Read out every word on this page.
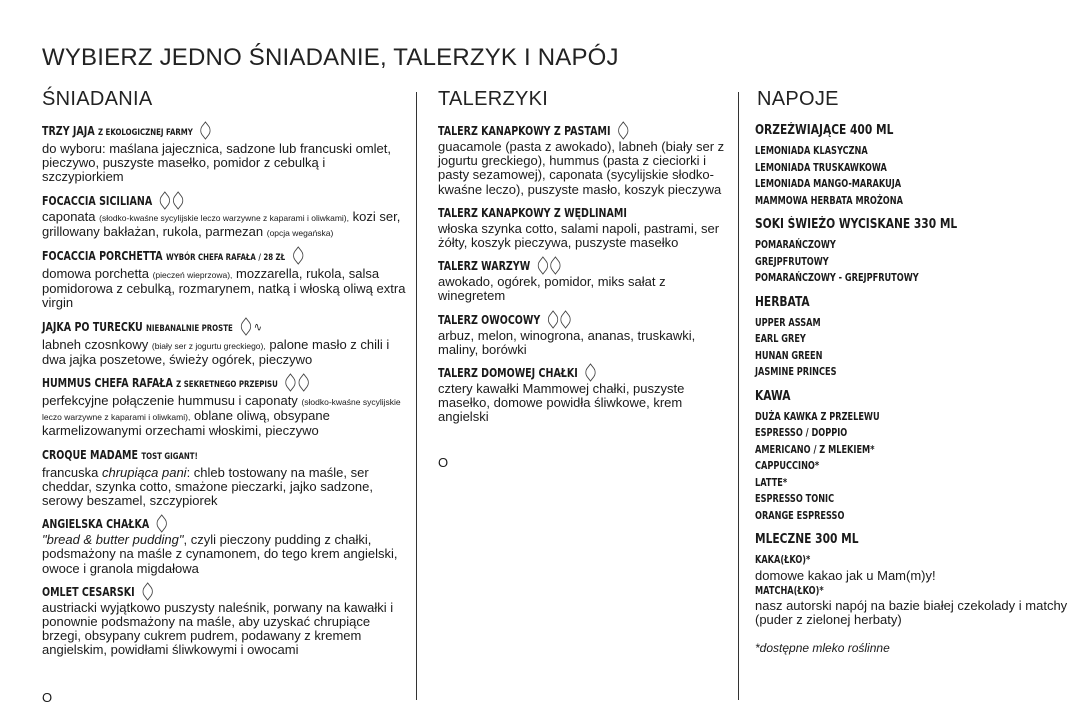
WYBIERZ JEDNO ŚNIADANIE, TALERZYK I NAPÓJ
ŚNIADANIA
TRZY JAJA Z EKOLOGICZNEJ FARMY
do wyboru: maślana jajecznica, sadzone lub francuski omlet, pieczywo, puszyste masełko, pomidor z cebulką i szczypiorkiem
FOCACCIA SICILIANA
caponata (słodko-kwaśne sycylijskie leczo warzywne z kaparami i oliwkami), kozi ser, grillowany bakłażan, rukola, parmezan (opcja wegańska)
FOCACCIA PORCHETTA WYBÓR CHEFA RAFAŁA / 28 ZŁ
domowa porchetta (pieczeń wieprzowa), mozzarella, rukola, salsa pomidorowa z cebulką, rozmarynem, natką i włoską oliwą extra virgin
JAJKA PO TURECKU NIEBANALNIE PROSTE ∿
labneh czosnkowy (biały ser z jogurtu greckiego), palone masło z chili i dwa jajka poszetowe, świeży ogórek, pieczywo
HUMMUS CHEFA RAFAŁA Z SEKRETNEGO PRZEPISU
perfekcyjne połączenie hummusu i caponaty (słodko-kwaśne sycylijskie leczo warzywne z kaparami i oliwkami), oblane oliwą, obsypane karmelizowanymi orzechami włoskimi, pieczywo
CROQUE MADAME TOST GIGANT!
francuska chrupiąca pani: chleb tostowany na maśle, ser cheddar, szynka cotto, smażone pieczarki, jajko sadzone, serowy beszamel, szczypiorek
ANGIELSKA CHAŁKA
"bread & butter pudding", czyli pieczony pudding z chałki, podsmażony na maśle z cynamonem, do tego krem angielski, owoce i granola migdałowa
OMLET CESARSKI
austriacki wyjątkowo puszysty naleśnik, porwany na kawałki i ponownie podsmażony na maśle, aby uzyskać chrupiące brzegi, obsypany cukrem pudrem, podawany z kremem angielskim, powidłami śliwkowymi i owocami
TALERZYKI
TALERZ KANAPKOWY Z PASTAMI
guacamole (pasta z awokado), labneh (biały ser z jogurtu greckiego), hummus (pasta z cieciorki i pasty sezamowej), caponata (sycylijskie słodko-kwaśne leczo), puszyste masło, koszyk pieczywa
TALERZ KANAPKOWY Z WĘDLINAMI
włoska szynka cotto, salami napoli, pastrami, ser żółty, koszyk pieczywa, puszyste masełko
TALERZ WARZYW
awokado, ogórek, pomidor, miks sałat z winegretem
TALERZ OWOCOWY
arbuz, melon, winogrona, ananas, truskawki, maliny, borówki
TALERZ DOMOWEJ CHAŁKI
cztery kawałki Mammowej chałki, puszyste masełko, domowe powidła śliwkowe, krem angielski
O
NAPOJE
ORZEŹWIAJĄCE 400 ML
LEMONIADA KLASYCZNA
LEMONIADA TRUSKAWKOWA
LEMONIADA MANGO-MARAKUJA
MAMMOWA HERBATA MROŻONA
SOKI ŚWIEŻO WYCISKANE 330 ML
POMARAŃCZOWY
GREJPFRUTOWY
POMARAŃCZOWY - GREJPFRUTOWY
HERBATA
UPPER ASSAM
EARL GREY
HUNAN GREEN
JASMINE PRINCES
KAWA
DUŻA KAWKA Z PRZELEWU
ESPRESSO / DOPPIO
AMERICANO / Z MLEKIEM*
CAPPUCCINO*
LATTE*
ESPRESSO TONIC
ORANGE ESPRESSO
MLECZNE 300 ML
KAKA(ŁKO)*
domowe kakao jak u Mam(m)y!
MATCHA(ŁKO)*
nasz autorski napój na bazie białej czekolady i matchy (puder z zielonej herbaty)
*dostępne mleko roślinne
O
